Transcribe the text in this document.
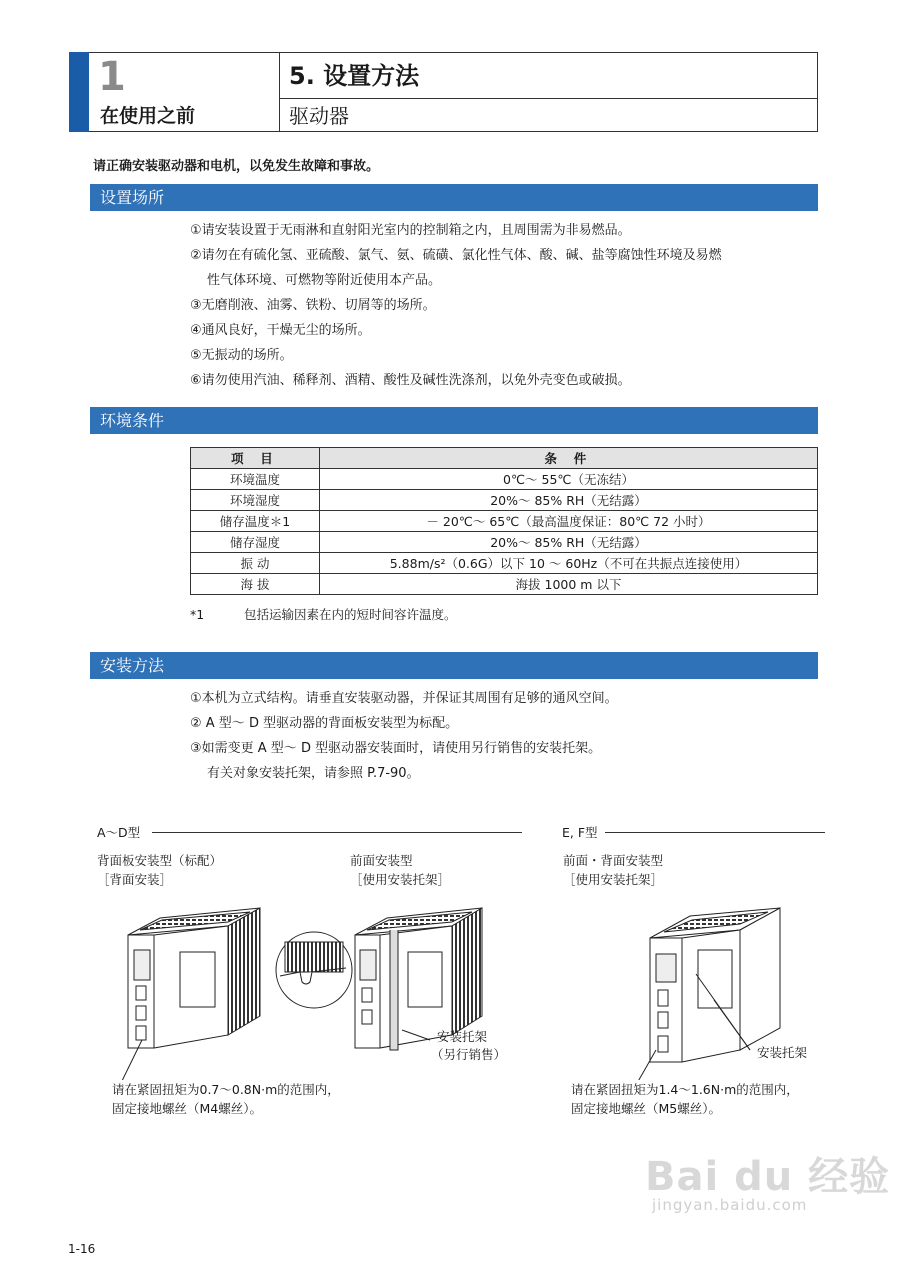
1
在使用之前
5. 设置方法
驱动器
请正确安装驱动器和电机，以免发生故障和事故。
设置场所
①请安装设置于无雨淋和直射阳光室内的控制箱之内，且周围需为非易燃品。
②请勿在有硫化氢、亚硫酸、氯气、氨、硫磺、氯化性气体、酸、碱、盐等腐蚀性环境及易燃
性气体环境、可燃物等附近使用本产品。
③无磨削液、油雾、铁粉、切屑等的场所。
④通风良好，干燥无尘的场所。
⑤无振动的场所。
⑥请勿使用汽油、稀释剂、酒精、酸性及碱性洗涤剂，以免外壳变色或破损。
环境条件
项 目	条 件
环境温度	0℃～ 55℃（无冻结）
环境湿度	20%～ 85% RH（无结露）
储存温度＊1	－ 20℃～ 65℃（最高温度保证：80℃ 72 小时）
储存湿度	20%～ 85% RH（无结露）
振 动	5.88m/s²（0.6G）以下 10 ～ 60Hz（不可在共振点连接使用）
海 拔	海拔 1000 m 以下
*1	包括运输因素在内的短时间容许温度。
安装方法
①本机为立式结构。请垂直安装驱动器，并保证其周围有足够的通风空间。
② A 型～ D 型驱动器的背面板安装型为标配。
③如需变更 A 型～ D 型驱动器安装面时，请使用另行销售的安装托架。
有关对象安装托架，请参照 P.7-90。
A～D型	E, F型
背面板安装型（标配）
［背面安装］
前面安装型
［使用安装托架］
前面・背面安装型
［使用安装托架］
安装托架
（另行销售）	安装托架
请在紧固扭矩为0.7～0.8N·m的范围内，
固定接地螺丝（M4螺丝）。
请在紧固扭矩为1.4～1.6N·m的范围内，
固定接地螺丝（M5螺丝）。
Bai du 经验
jingyan.baidu.com
1-16
